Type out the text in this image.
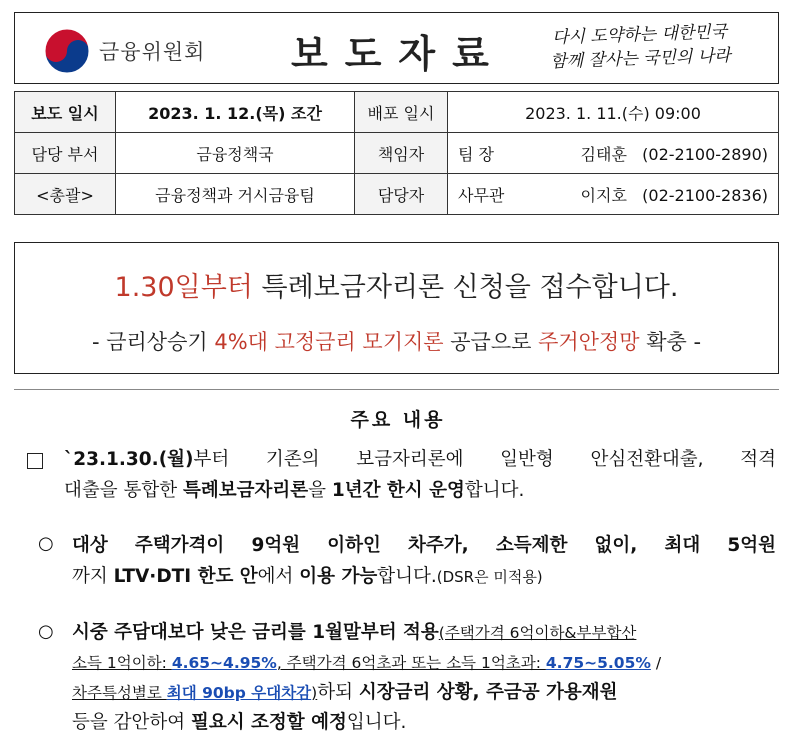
금융위원회 보도자료	다시 도약하는 대한민국
함께 잘사는 국민의 나라
보도 일시	2023. 1. 12.(목) 조간	배포 일시	2023. 1. 11.(수) 09:00
담당 부서	금융정책국	책임자	팀 장 김태훈 (02-2100-2890)

<총괄>	금융정책과 거시금융팀	담당자	사무관 이지호 (02-2100-2836)
1.30일부터 특례보금자리론 신청을 접수합니다.
- 금리상승기 4%대 고정금리 모기지론 공급으로 주거안정망 확충 -
주요 내용
`23.1.30.(월)부터 기존의 보금자리론에 일반형 안심전환대출, 적격
대출을 통합한 특례보금자리론을 1년간 한시 운영합니다.
○ 대상 주택가격이 9억원 이하인 차주가, 소득제한 없이, 최대 5억원
까지 LTV·DTI 한도 안에서 이용 가능합니다.(DSR은 미적용)
○ 시중 주담대보다 낮은 금리를 1월말부터 적용(주택가격 6억이하&부부합산
소득 1억이하: 4.65~4.95%, 주택가격 6억초과 또는 소득 1억초과: 4.75~5.05% /
차주특성별로 최대 90bp 우대차감)하되 시장금리 상황, 주금공 가용재원
등을 감안하여 필요시 조정할 예정입니다.
